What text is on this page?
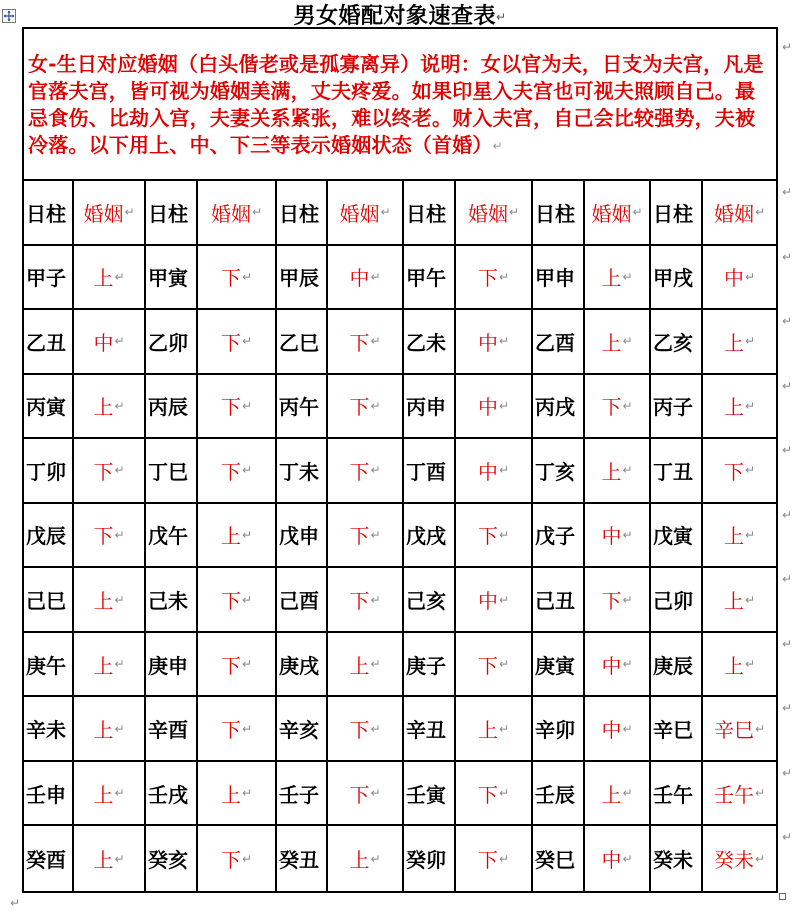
男女婚配对象速查表↵
女-生日对应婚姻（白头偕老或是孤寡离异）说明：女以官为夫，日支为夫宫，凡是官落夫宫，皆可视为婚姻美满，丈夫疼爱。如果印星入夫宫也可视夫照顾自己。最忌食伤、比劫入宫，夫妻关系紧张，难以终老。财入夫宫，自己会比较强势，夫被冷落。以下用上、中、下三等表示婚姻状态（首婚）↵
日柱 婚姻 ↵ 日柱 婚姻 ↵ 日柱 婚姻 ↵ 日柱 婚姻 ↵ 日柱 婚姻 ↵ 日柱 婚姻 ↵
甲子 上 ↵ 甲寅 下 ↵ 甲辰 中 ↵ 甲午 下 ↵ 甲申 上 ↵ 甲戌 中 ↵
乙丑 中 ↵ 乙卯 下 ↵ 乙巳 下 ↵ 乙未 中 ↵ 乙酉 上 ↵ 乙亥 上 ↵
丙寅 上 ↵ 丙辰 下 ↵ 丙午 下 ↵ 丙申 中 ↵ 丙戌 下 ↵ 丙子 上 ↵
丁卯 下 ↵ 丁巳 下 ↵ 丁未 下 ↵ 丁酉 中 ↵ 丁亥 上 ↵ 丁丑 下 ↵
戊辰 下 ↵ 戊午 上 ↵ 戊申 下 ↵ 戊戌 下 ↵ 戊子 中 ↵ 戊寅 上 ↵
己巳 上 ↵ 己未 下 ↵ 己酉 下 ↵ 己亥 中 ↵ 己丑 下 ↵ 己卯 上 ↵
庚午 上 ↵ 庚申 下 ↵ 庚戌 上 ↵ 庚子 下 ↵ 庚寅 中 ↵ 庚辰 上 ↵
辛未 上 ↵ 辛酉 下 ↵ 辛亥 下 ↵ 辛丑 上 ↵ 辛卯 中 ↵ 辛巳 辛巳 ↵
壬申 上 ↵ 壬戌 上 ↵ 壬子 下 ↵ 壬寅 下 ↵ 壬辰 上 ↵ 壬午 壬午 ↵
癸酉 上 ↵ 癸亥 下 ↵ 癸丑 上 ↵ 癸卯 下 ↵ 癸巳 中 ↵ 癸未 癸未 ↵
↵
↵
↵
↵
↵
↵
↵
↵
↵
↵
↵
↵
↵
